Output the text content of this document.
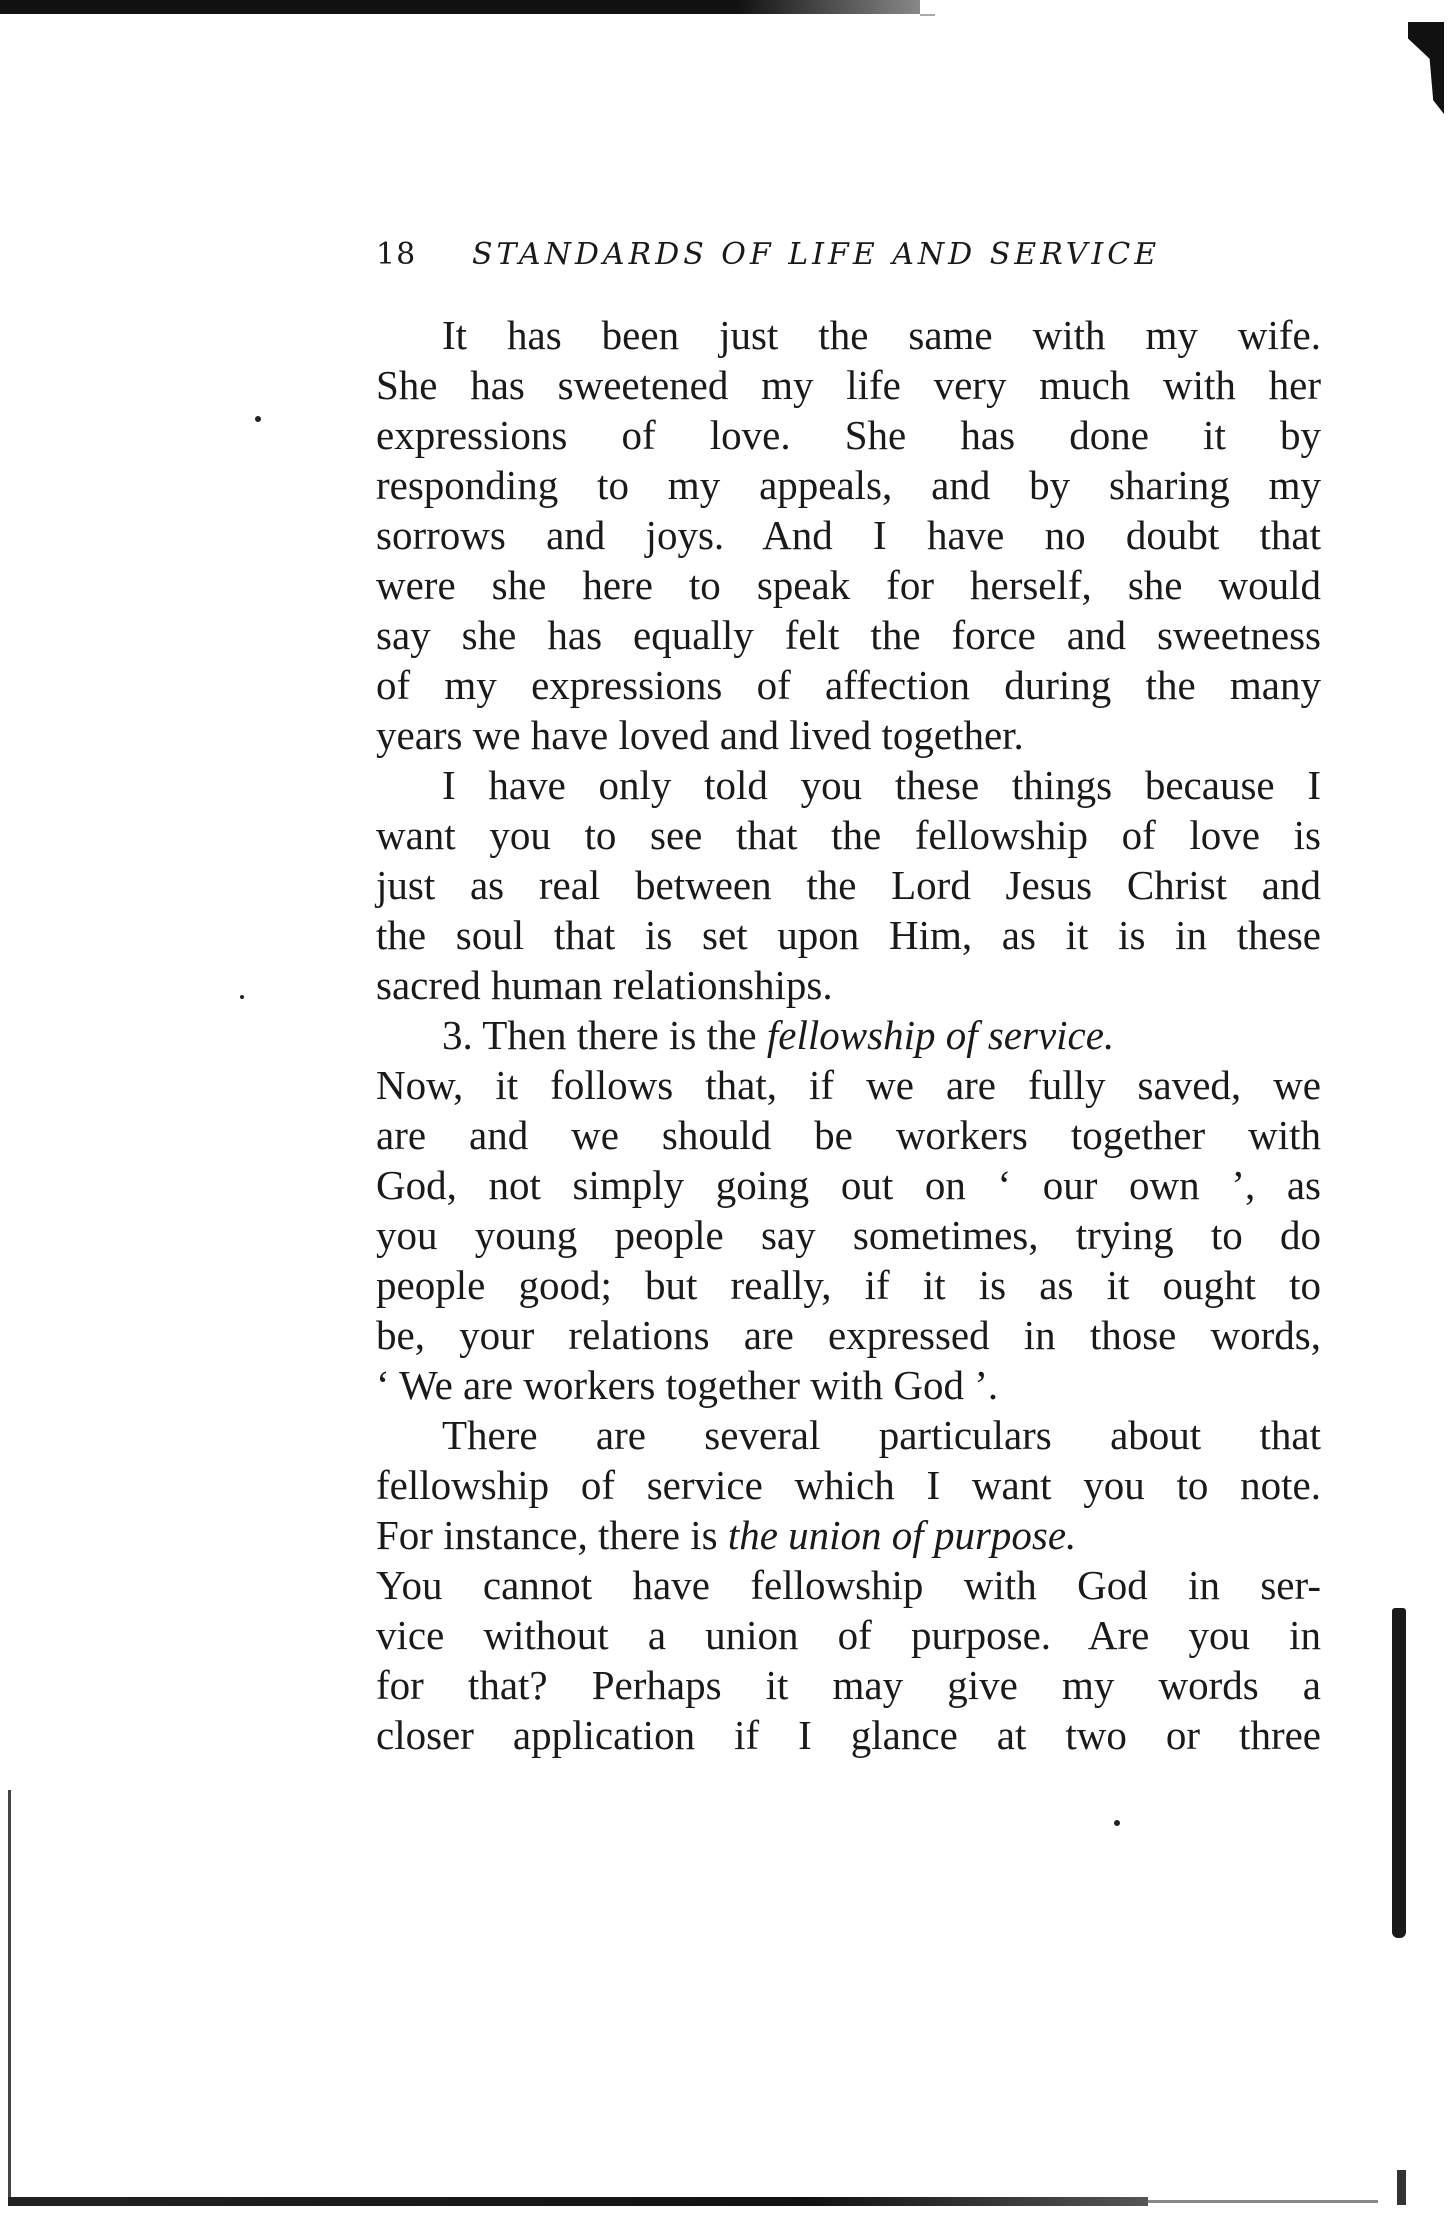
18 STANDARDS OF LIFE AND SERVICE
It has been just the same with my wife.
She has sweetened my life very much with her
expressions of love. She has done it by
responding to my appeals, and by sharing my
sorrows and joys. And I have no doubt that
were she here to speak for herself, she would
say she has equally felt the force and sweetness
of my expressions of affection during the many
years we have loved and lived together.
I have only told you these things because I
want you to see that the fellowship of love is
just as real between the Lord Jesus Christ and
the soul that is set upon Him, as it is in these
sacred human relationships.
3. Then there is the fellowship of service.
Now, it follows that, if we are fully saved, we
are and we should be workers together with
God, not simply going out on ‘ our own ’, as
you young people say sometimes, trying to do
people good; but really, if it is as it ought to
be, your relations are expressed in those words,
‘ We are workers together with God ’.
There are several particulars about that
fellowship of service which I want you to note.
For instance, there is the union of purpose.
You cannot have fellowship with God in ser-
vice without a union of purpose. Are you in
for that? Perhaps it may give my words a
closer application if I glance at two or three
